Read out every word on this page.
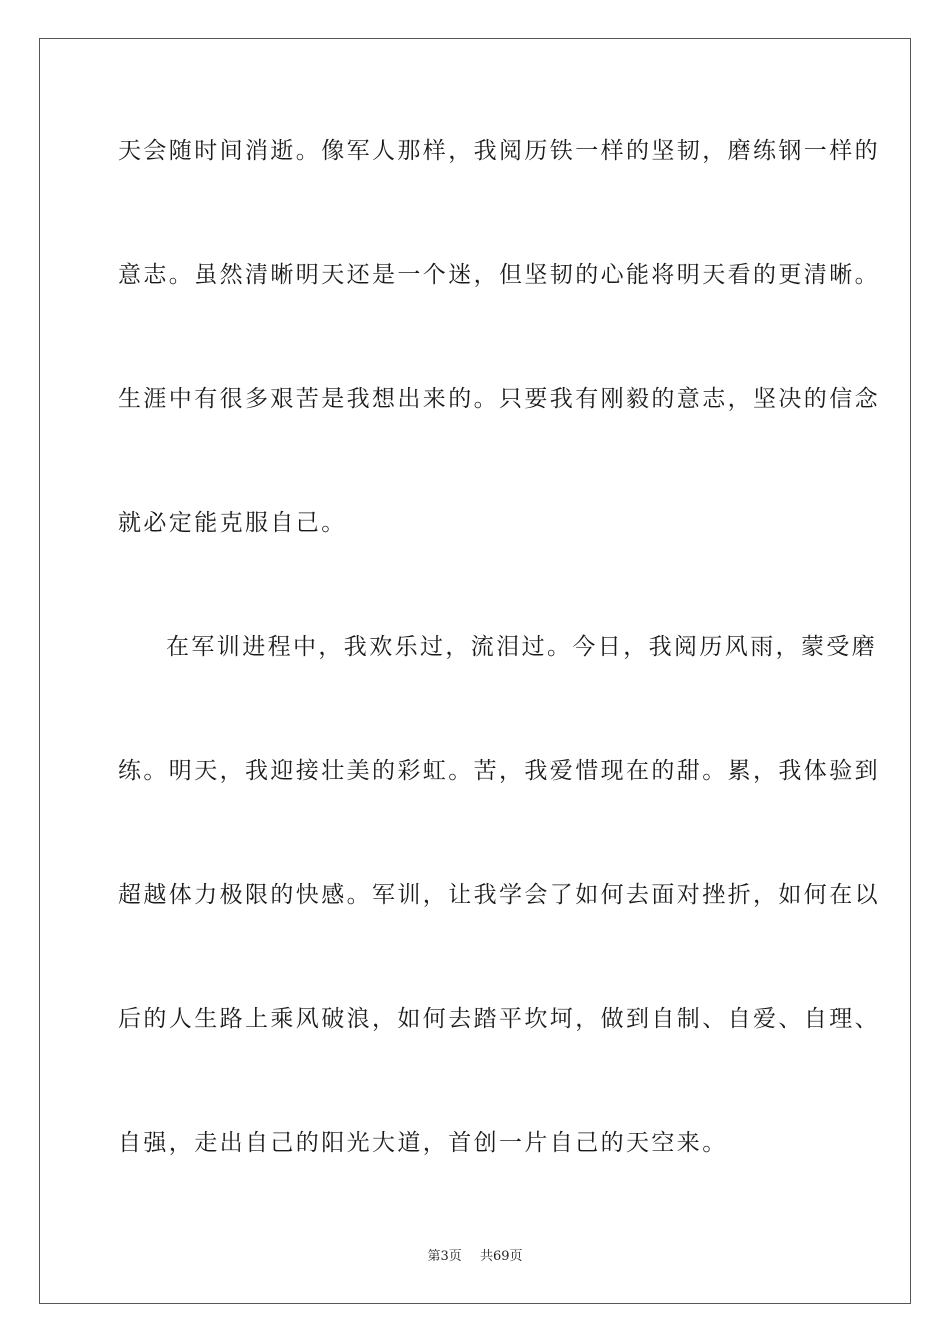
天会随时间消逝。像军人那样，我阅历铁一样的坚韧，磨练钢一样的

意志。虽然清晰明天还是一个迷，但坚韧的心能将明天看的更清晰。

生涯中有很多艰苦是我想出来的。只要我有刚毅的意志，坚决的信念

就必定能克服自己。

在军训进程中，我欢乐过，流泪过。今日，我阅历风雨，蒙受磨

练。明天，我迎接壮美的彩虹。苦，我爱惜现在的甜。累，我体验到

超越体力极限的快感。军训，让我学会了如何去面对挫折，如何在以

后的人生路上乘风破浪，如何去踏平坎坷，做到自制、自爱、自理、

自强，走出自己的阳光大道，首创一片自己的天空来。

第3页 共69页
